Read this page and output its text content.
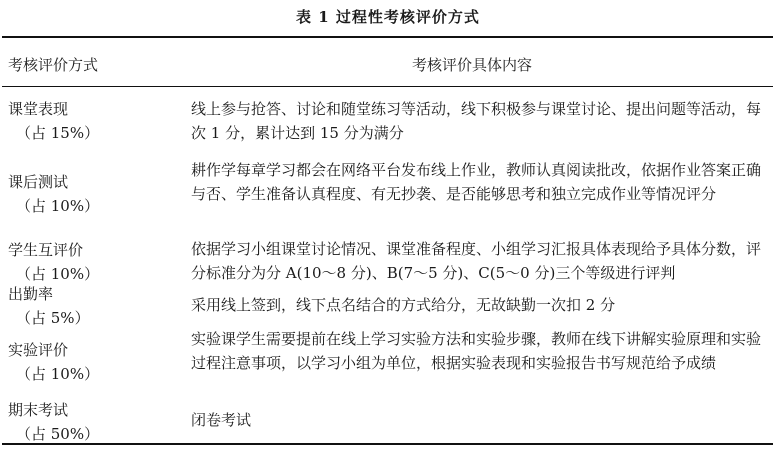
表 1 过程性考核评价方式
考核评价方式	考核评价具体内容
课堂表现
（占 15%）
线上参与抢答、讨论和随堂练习等活动，线下积极参与课堂讨论、提出问题等活动，每次 1 分，累计达到 15 分为满分
课后测试
（占 10%）
耕作学每章学习都会在网络平台发布线上作业，教师认真阅读批改，依据作业答案正确与否、学生准备认真程度、有无抄袭、是否能够思考和独立完成作业等情况评分
学生互评价
（占 10%）
依据学习小组课堂讨论情况、课堂准备程度、小组学习汇报具体表现给予具体分数，评分标准分为分 A(10～8 分)、B(7～5 分)、C(5～0 分)三个等级进行评判
出勤率
（占 5%）
采用线上签到，线下点名结合的方式给分，无故缺勤一次扣 2 分
实验评价
（占 10%）
实验课学生需要提前在线上学习实验方法和实验步骤，教师在线下讲解实验原理和实验过程注意事项，以学习小组为单位，根据实验表现和实验报告书写规范给予成绩
期末考试
（占 50%）
闭卷考试
